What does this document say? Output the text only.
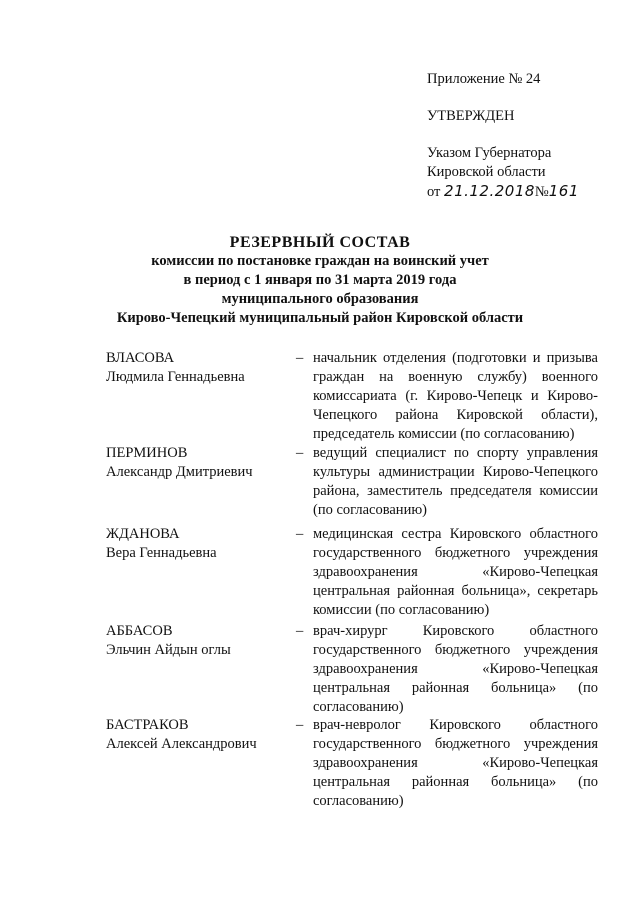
Приложение № 24
УТВЕРЖДЕН
Указом Губернатора
Кировской области
от 21.12.2018№161
РЕЗЕРВНЫЙ СОСТАВ
комиссии по постановке граждан на воинский учет
в период с 1 января по 31 марта 2019 года
муниципального образования
Кирово-Чепецкий муниципальный район Кировской области
ВЛАСОВА
Людмила Геннадьевна
– начальник отделения (подготовки и призыва граждан на военную службу) военного комиссариата (г. Кирово-Чепецк и Кирово-Чепецкого района Кировской области), председатель комиссии (по согласованию)
ПЕРМИНОВ
Александр Дмитриевич
– ведущий специалист по спорту управления культуры администрации Кирово-Чепецкого района, заместитель председателя комиссии (по согласованию)
ЖДАНОВА
Вера Геннадьевна
– медицинская сестра Кировского областного государственного бюджетного учреждения здравоохранения «Кирово-Чепецкая центральная районная больница», секретарь комиссии (по согласованию)
АББАСОВ
Эльчин Айдын оглы
– врач-хирург Кировского областного государственного бюджетного учреждения здравоохранения «Кирово-Чепецкая центральная районная больница» (по согласованию)
БАСТРАКОВ
Алексей Александрович
– врач-невролог Кировского областного государственного бюджетного учреждения здравоохранения «Кирово-Чепецкая центральная районная больница» (по согласованию)
